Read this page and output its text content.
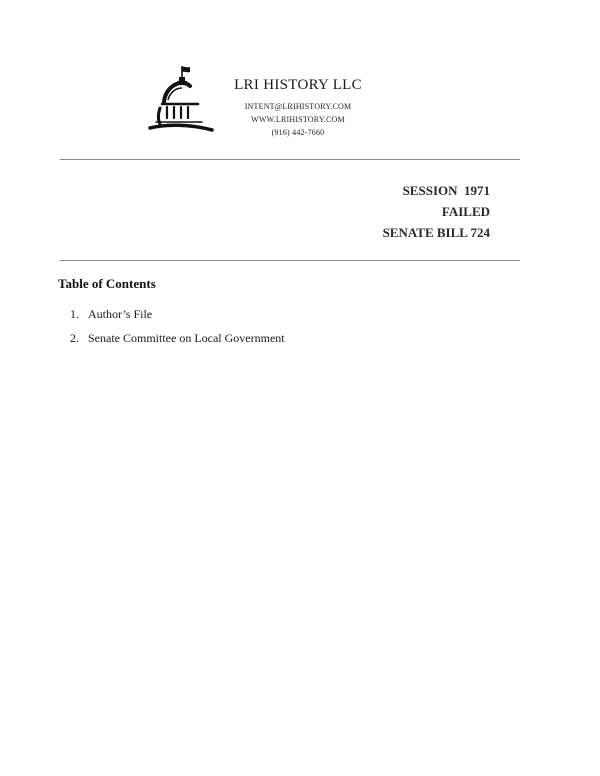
LRI HISTORY LLC
INTENT@LRIHISTORY.COM
WWW.LRIHISTORY.COM
(916) 442-7660
SESSION  1971
FAILED
SENATE BILL 724
Table of Contents
1. Author’s File
2. Senate Committee on Local Government
